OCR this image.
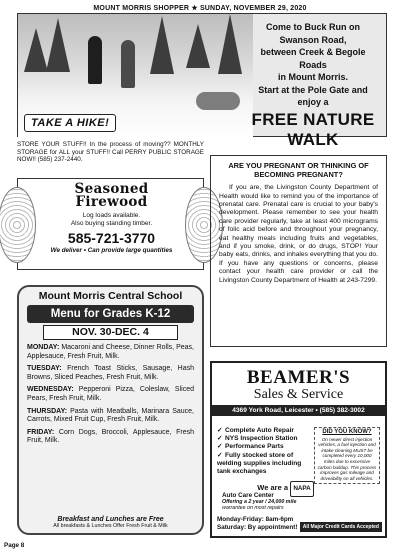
MOUNT MORRIS SHOPPER ★ SUNDAY, NOVEMBER 29, 2020
TAKE A HIKE!
Come to Buck Run on
Swanson Road,
between Creek & Begole Roads
in Mount Morris.
Start at the Pole Gate and enjoy a
FREE NATURE
WALK
STORE YOUR STUFF!! In the process of moving?? MONTHLY STORAGE for ALL your STUFF!! Call PERRY PUBLIC STORAGE NOW!! (585) 237-2440.
Seasoned
Firewood
Log loads available.
Also buying standing timber.
585-721-3770
We deliver • Can provide large quantities
Mount Morris Central School
Menu for Grades K-12
NOV. 30-DEC. 4
MONDAY: Macaroni and Cheese, Dinner Rolls, Peas, Applesauce, Fresh Fruit, Milk.
TUESDAY: French Toast Sticks, Sausage, Hash Browns, Sliced Peaches, Fresh Fruit, Milk.
WEDNESDAY: Pepperoni Pizza, Coleslaw, Sliced Pears, Fresh Fruit, Milk.
THURSDAY: Pasta with Meatballs, Marinara Sauce, Carrots, Mixed Fruit Cup, Fresh Fruit, Milk.
FRIDAY: Corn Dogs, Broccoli, Applesauce, Fresh Fruit, Milk.
Breakfast and Lunches are Free
All breakfasts & Lunches Offer Fresh Fruit & Milk
Page 8
ARE YOU PREGNANT OR THINKING OF BECOMING PREGNANT?
If you are, the Livingston County Department of Health would like to remind you of the importance of prenatal care. Prenatal care is crucial to your baby's development. Please remember to see your health care provider regularly, take at least 400 micrograms of folic acid before and throughout your pregnancy, eat healthy meals including fruits and vegetables, and if you smoke, drink, or do drugs, STOP! Your baby eats, drinks, and inhales everything that you do. If you have any questions or concerns, please contact your health care provider or call the Livingston County Department of Health at 243-7299.
BEAMER'S
Sales & Service
4369 York Road, Leicester • (585) 382-3002
✓ Complete Auto Repair
✓ NYS Inspection Station
✓ Performance Parts
✓ Fully stocked store of welding supplies including tank exchanges
DID YOU KNOW?
On newer direct injection vehicles, a fuel injection and intake cleaning MUST be completed every 10,000 miles due to excessive carbon buildup. This process improves gas mileage and driveability on all vehicles.
We are a NAPA
Auto Care Center
Offering a 2 year / 24,000 mile
warrantee on most repairs
Monday-Friday: 8am-6pm
Saturday: By appointment!	All Major Credit Cards Accepted
